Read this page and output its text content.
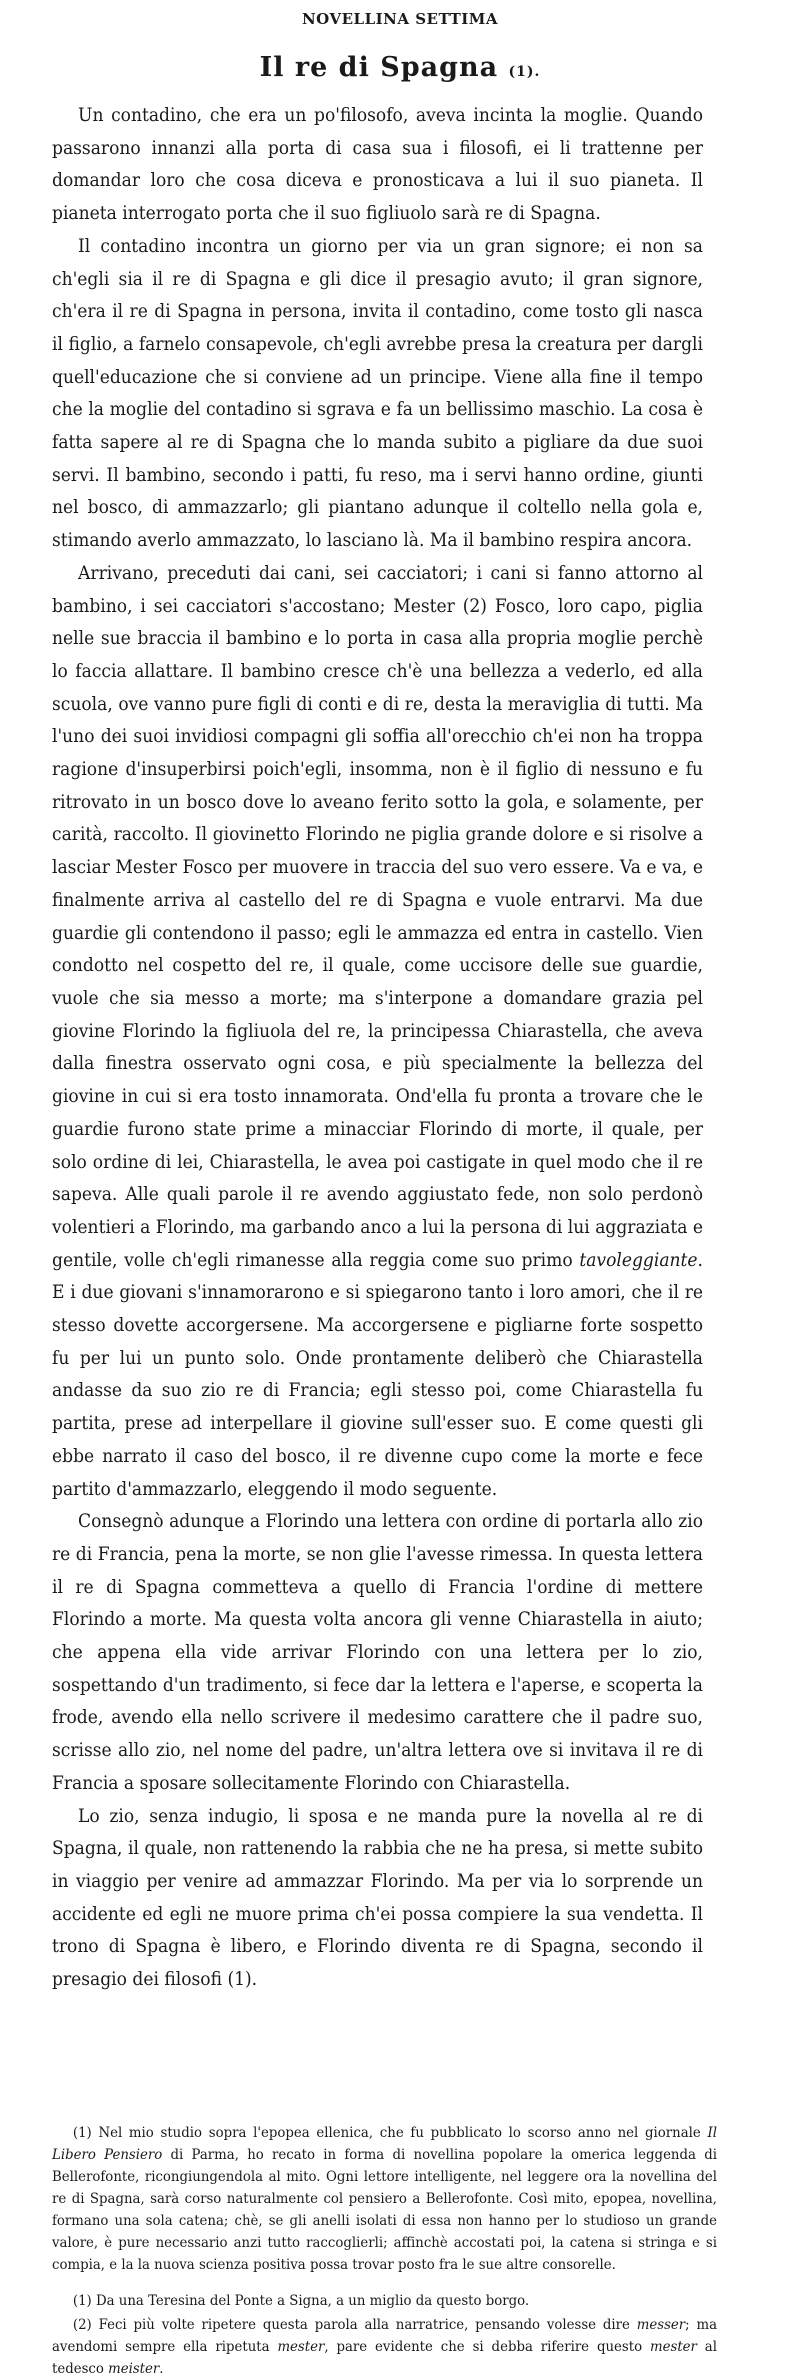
NOVELLINA SETTIMA
Il re di Spagna (1).

Un contadino, che era un po'filosofo, aveva incinta la moglie. Quando passarono innanzi alla porta di casa sua i filosofi, ei li trattenne per domandar loro che cosa diceva e pronosticava a lui il suo pianeta. Il pianeta interrogato porta che il suo figliuolo sarà re di Spagna.

Il contadino incontra un giorno per via un gran signore; ei non sa ch'egli sia il re di Spagna e gli dice il presagio avuto; il gran signore, ch'era il re di Spagna in persona, invita il contadino, come tosto gli nasca il figlio, a farnelo consapevole, ch'egli avrebbe presa la creatura per dargli quell'educazione che si conviene ad un principe. Viene alla fine il tempo che la moglie del contadino si sgrava e fa un bellissimo maschio. La cosa è fatta sapere al re di Spagna che lo manda subito a pigliare da due suoi servi. Il bambino, secondo i patti, fu reso, ma i servi hanno ordine, giunti nel bosco, di ammazzarlo; gli piantano adunque il coltello nella gola e, stimando averlo ammazzato, lo lasciano là. Ma il bambino respira ancora.

Arrivano, preceduti dai cani, sei cacciatori; i cani si fanno attorno al bambino, i sei cacciatori s'accostano; Mester (2) Fosco, loro capo, piglia nelle sue braccia il bambino e lo porta in casa alla propria moglie perchè lo faccia allattare. Il bambino cresce ch'è una bellezza a vederlo, ed alla scuola, ove vanno pure figli di conti e di re, desta la meraviglia di tutti. Ma l'uno dei suoi invidiosi compagni gli soffia all'orecchio ch'ei non ha troppa ragione d'insuperbirsi poich'egli, insomma, non è il figlio di nessuno e fu ritrovato in un bosco dove lo aveano ferito sotto la gola, e solamente, per carità, raccolto. Il giovinetto Florindo ne piglia grande dolore e si risolve a lasciar Mester Fosco per muovere in traccia del suo vero essere. Va e va, e finalmente arriva al castello del re di Spagna e vuole entrarvi. Ma due guardie gli contendono il passo; egli le ammazza ed entra in castello. Vien condotto nel cospetto del re, il quale, come uccisore delle sue guardie, vuole che sia messo a morte; ma s'interpone a domandare grazia pel giovine Florindo la figliuola del re, la principessa Chiarastella, che aveva dalla finestra osservato ogni cosa, e più specialmente la bellezza del giovine in cui si era tosto innamorata. Ond'ella fu pronta a trovare che le guardie furono state prime a minacciar Florindo di morte, il quale, per solo ordine di lei, Chiarastella, le avea poi castigate in quel modo che il re sapeva. Alle quali parole il re avendo aggiustato fede, non solo perdonò volentieri a Florindo, ma garbando anco a lui la persona di lui aggraziata e gentile, volle ch'egli rimanesse alla reggia come suo primo tavoleggiante. E i due giovani s'innamorarono e si spiegarono tanto i loro amori, che il re stesso dovette accorgersene. Ma accorgersene e pigliarne forte sospetto fu per lui un punto solo. Onde prontamente deliberò che Chiarastella andasse da suo zio re di Francia; egli stesso poi, come Chiarastella fu partita, prese ad interpellare il giovine sull'esser suo. E come questi gli ebbe narrato il caso del bosco, il re divenne cupo come la morte e fece partito d'ammazzarlo, eleggendo il modo seguente.

Consegnò adunque a Florindo una lettera con ordine di portarla allo zio re di Francia, pena la morte, se non glie l'avesse rimessa. In questa lettera il re di Spagna commetteva a quello di Francia l'ordine di mettere Florindo a morte. Ma questa volta ancora gli venne Chiarastella in aiuto; che appena ella vide arrivar Florindo con una lettera per lo zio, sospettando d'un tradimento, si fece dar la lettera e l'aperse, e scoperta la frode, avendo ella nello scrivere il medesimo carattere che il padre suo, scrisse allo zio, nel nome del padre, un'altra lettera ove si invitava il re di Francia a sposare sollecitamente Florindo con Chiarastella.

Lo zio, senza indugio, li sposa e ne manda pure la novella al re di Spagna, il quale, non rattenendo la rabbia che ne ha presa, si mette subito in viaggio per venire ad ammazzar Florindo. Ma per via lo sorprende un accidente ed egli ne muore prima ch'ei possa compiere la sua vendetta. Il trono di Spagna è libero, e Florindo diventa re di Spagna, secondo il presagio dei filosofi (1).

(1) Nel mio studio sopra l'epopea ellenica, che fu pubblicato lo scorso anno nel giornale Il Libero Pensiero di Parma, ho recato in forma di novellina popolare la omerica leggenda di Bellerofonte, ricongiungendola al mito. Ogni lettore intelligente, nel leggere ora la novellina del re di Spagna, sarà corso naturalmente col pensiero a Bellerofonte. Così mito, epopea, novellina, formano una sola catena; chè, se gli anelli isolati di essa non hanno per lo studioso un grande valore, è pure necessario anzi tutto raccoglierli; affinchè accostati poi, la catena si stringa e si compia, e la la nuova scienza positiva possa trovar posto fra le sue altre consorelle.

(1) Da una Teresina del Ponte a Signa, a un miglio da questo borgo.

(2) Feci più volte ripetere questa parola alla narratrice, pensando volesse dire messer; ma avendomi sempre ella ripetuta mester, pare evidente che si debba riferire questo mester al tedesco meister.
